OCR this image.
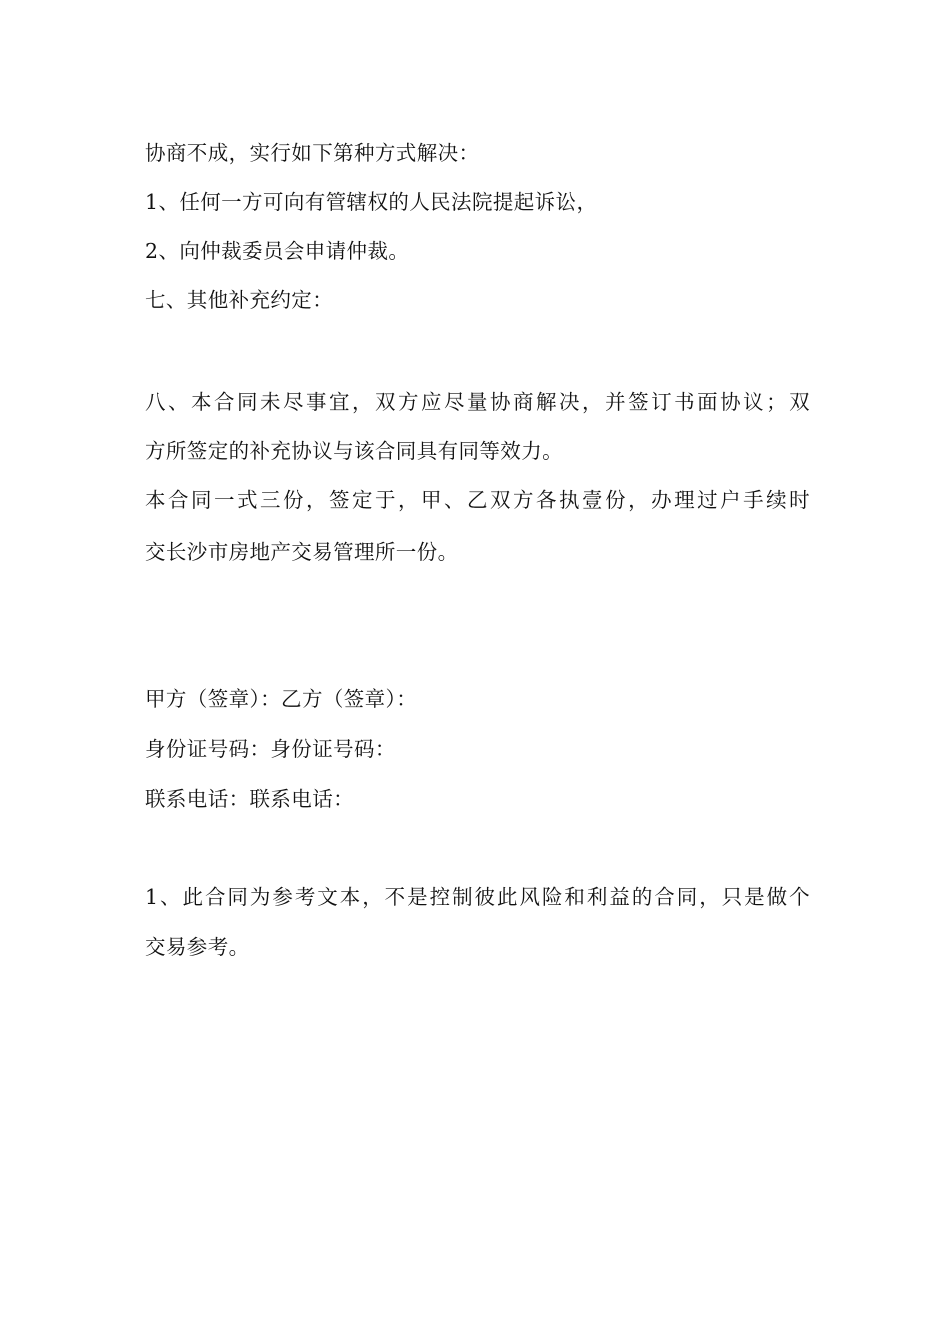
协商不成，实行如下第种方式解决：
1、任何一方可向有管辖权的人民法院提起诉讼，
2、向仲裁委员会申请仲裁。
七、其他补充约定：
八、本合同未尽事宜，双方应尽量协商解决，并签订书面协议；双
方所签定的补充协议与该合同具有同等效力。
本合同一式三份，签定于，甲、乙双方各执壹份，办理过户手续时
交长沙市房地产交易管理所一份。
甲方（签章）：乙方（签章）：
身份证号码：身份证号码：
联系电话：联系电话：
1、此合同为参考文本，不是控制彼此风险和利益的合同，只是做个
交易参考。
